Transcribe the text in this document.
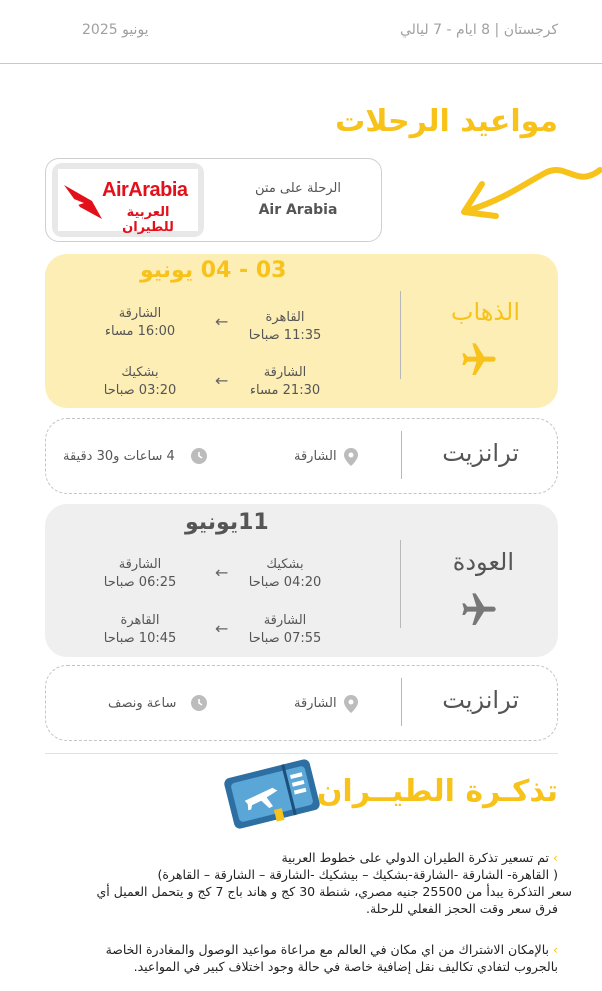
يونيو 2025	كرجستان | 8 ايام - 7 ليالي
مواعيد الرحلات
AirArabia
العربية للطيران
الرحلة على متن
Air Arabia
03 - 04 يونيو
الذهاب
القاهرة
11:35 صباحا
←
الشارقة
16:00 مساء
الشارقة
21:30 مساء
←
بشكيك
03:20 صباحا
ترانزيت
الشارقة
4 ساعات و30 دقيقة
11يونيو
العودة
بشكيك
04:20 صباحا
←
الشارقة
06:25 صباحا
الشارقة
07:55 صباحا
←
القاهرة
10:45 صباحا
ترانزيت
الشارقة
ساعة ونصف
تذكـرة الطيــران
› تم تسعير تذكرة الطيران الدولي على خطوط العربية
( القاهرة- الشارقة -الشارقة-بشكيك – بيشكيك -الشارقة – الشارقة – القاهرة)
سعر التذكرة يبدأ من 25500 جنيه مصري، شنطة 30 كج و هاند باج 7 كج و يتحمل العميل أي
فرق سعر وقت الحجز الفعلي للرحلة.
› بالإمكان الاشتراك من اي مكان في العالم مع مراعاة مواعيد الوصول والمغادرة الخاصة
بالجروب لتفادي تكاليف نقل إضافية خاصة في حالة وجود اختلاف كبير في المواعيد.
